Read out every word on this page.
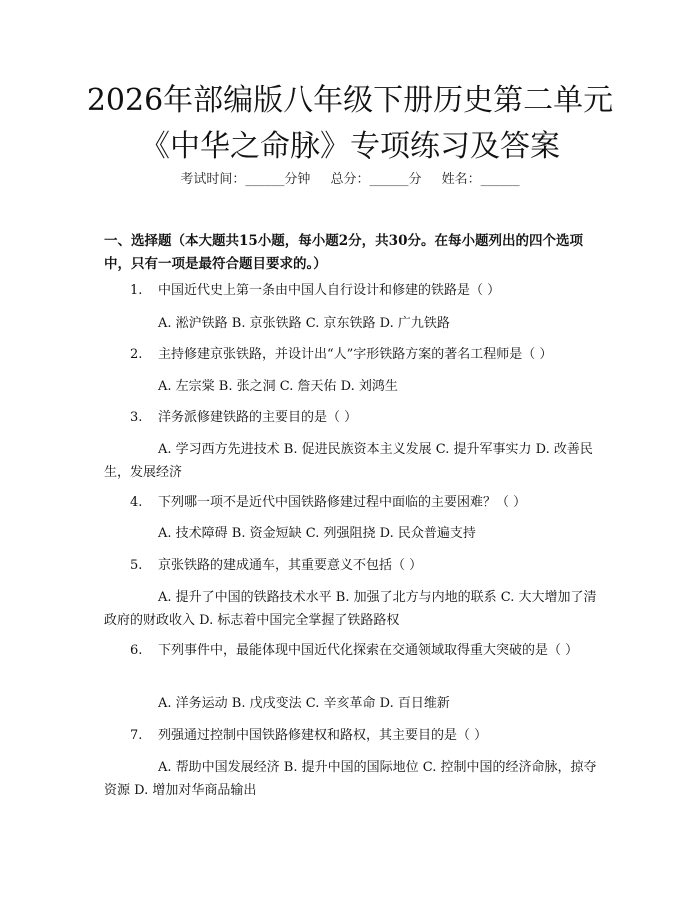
2026年部编版八年级下册历史第二单元《中华之命脉》专项练习及答案
考试时间：______分钟 总分：______分 姓名：______
一、选择题（本大题共15小题，每小题2分，共30分。在每小题列出的四个选项中，只有一项是最符合题目要求的。）
1. 中国近代史上第一条由中国人自行设计和修建的铁路是（ ）
A. 淞沪铁路 B. 京张铁路 C. 京东铁路 D. 广九铁路
2. 主持修建京张铁路，并设计出“人”字形铁路方案的著名工程师是（ ）
A. 左宗棠 B. 张之洞 C. 詹天佑 D. 刘鸿生
3. 洋务派修建铁路的主要目的是（ ）
A. 学习西方先进技术 B. 促进民族资本主义发展 C. 提升军事实力 D. 改善民生，发展经济
4. 下列哪一项不是近代中国铁路修建过程中面临的主要困难？（ ）
A. 技术障碍 B. 资金短缺 C. 列强阻挠 D. 民众普遍支持
5. 京张铁路的建成通车，其重要意义不包括（ ）
A. 提升了中国的铁路技术水平 B. 加强了北方与内地的联系 C. 大大增加了清政府的财政收入 D. 标志着中国完全掌握了铁路路权
6. 下列事件中，最能体现中国近代化探索在交通领域取得重大突破的是（ ）
A. 洋务运动 B. 戊戌变法 C. 辛亥革命 D. 百日维新
7. 列强通过控制中国铁路修建权和路权，其主要目的是（ ）
A. 帮助中国发展经济 B. 提升中国的国际地位 C. 控制中国的经济命脉，掠夺资源 D. 增加对华商品输出
